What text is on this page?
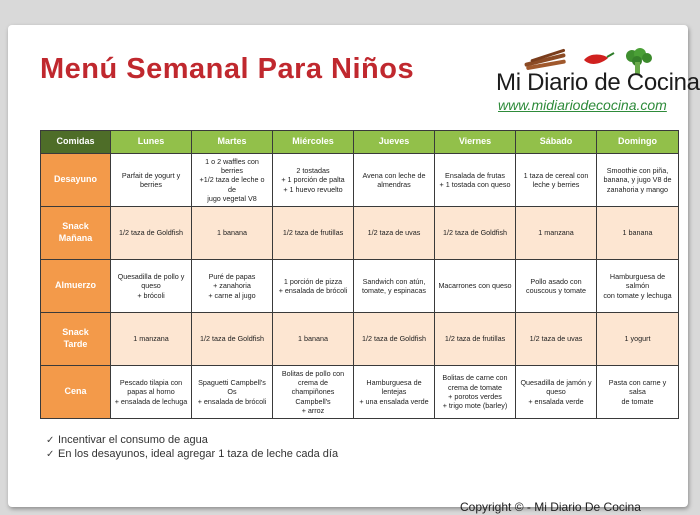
Menú Semanal Para Niños	Mi Diario de Cocina
www.midiariodecocina.com
Comidas	Lunes	Martes	Miércoles	Jueves	Viernes	Sábado	Domingo

Desayuno	Parfait de yogurt y
berries	1 o 2 waffles con berries
+1/2 taza de leche o de
jugo vegetal V8	2 tostadas
+ 1 porción de palta
+ 1 huevo revuelto	Avena con leche de
almendras	Ensalada de frutas
+ 1 tostada con queso	1 taza de cereal con
leche y berries	Smoothie con piña,
banana, y jugo V8 de
zanahoria y mango

Snack
Mañana	1/2 taza de Goldfish	1 banana	1/2 taza de frutillas	1/2 taza de uvas	1/2 taza de Goldfish	1 manzana	1 banana

Almuerzo	Quesadilla de pollo y
queso
+ brócoli	Puré de papas
+ zanahoria
+ carne al jugo	1 porción de pizza
+ ensalada de brócoli	Sandwich con atún,
tomate, y espinacas	Macarrones con queso	Pollo asado con
couscous y tomate	Hamburguesa de salmón
con tomate y lechuga

Snack
Tarde	1 manzana	1/2 taza de Goldfish	1 banana	1/2 taza de Goldfish	1/2 taza de frutillas	1/2 taza de uvas	1 yogurt

Cena	Pescado tilapia con
papas al horno
+ ensalada de lechuga	Spaguetti Campbell's Os
+ ensalada de brócoli	Bolitas de pollo con
crema de champiñones
Campbell's
+ arroz	Hamburguesa de
lentejas
+ una ensalada verde	Bolitas de carne con
crema de tomate
+ porotos verdes
+ trigo mote (barley)	Quesadilla de jamón y
queso
+ ensalada verde	Pasta con carne y salsa
de tomate
✓ Incentivar el consumo de agua
✓ En los desayunos, ideal agregar 1 taza de leche cada día
Copyright © - Mi Diario De Cocina
